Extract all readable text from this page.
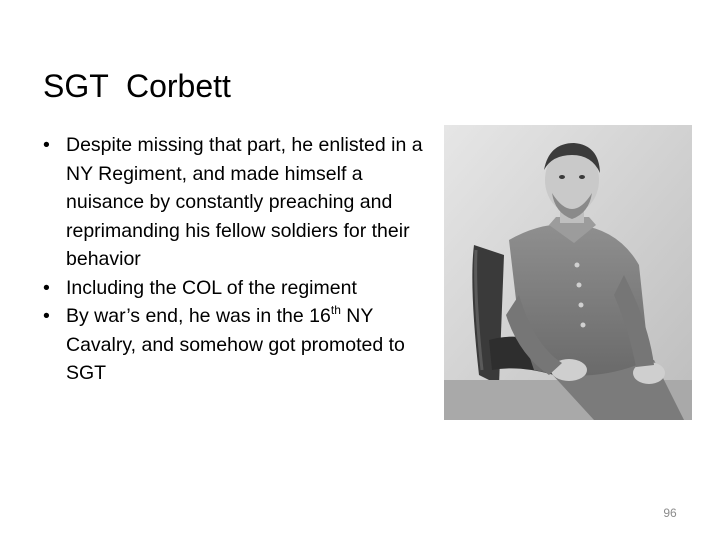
SGT  Corbett
• Despite missing that part, he enlisted in a NY Regiment, and made himself a nuisance by constantly preaching and reprimanding his fellow soldiers for their behavior
• Including the COL of the regiment
• By war’s end, he was in the 16th NY Cavalry, and somehow got promoted to SGT
96
